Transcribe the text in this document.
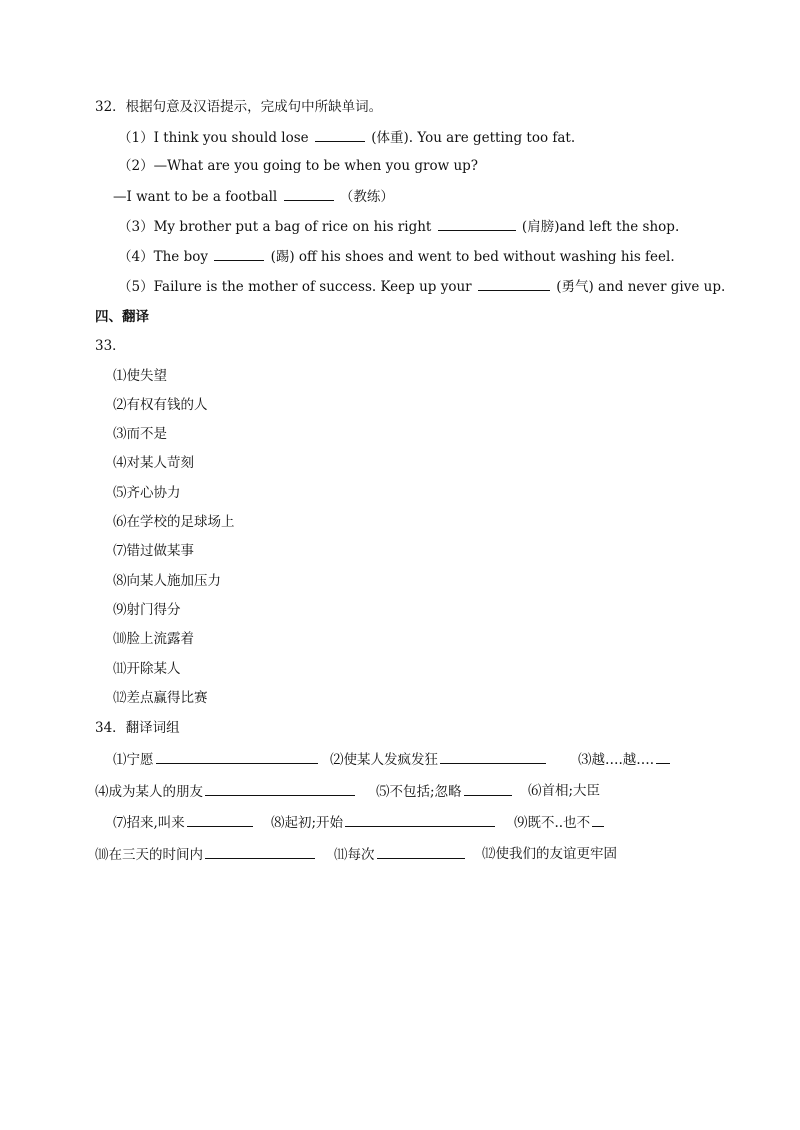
32．根据句意及汉语提示，完成句中所缺单词。
（1）I think you should lose	(体重). You are getting too fat.
（2）—What are you going to be when you grow up?
—I want to be a football	（教练）
（3）My brother put a bag of rice on his right	(肩膀)and left the shop.
（4）The boy	(踢) off his shoes and went to bed without washing his feel.
（5）Failure is the mother of success. Keep up your	(勇气) and never give up.
四、翻译
33．
⑴使失望
⑵有权有钱的人
⑶而不是
⑷对某人苛刻
⑸齐心协力
⑹在学校的足球场上
⑺错过做某事
⑻向某人施加压力
⑼射门得分
⑽脸上流露着
⑾开除某人
⑿差点赢得比赛
34．翻译词组
⑴宁愿	⑵使某人发疯发狂	⑶越….越….
⑷成为某人的朋友	⑸不包括;忽略	⑹首相;大臣
⑺招来,叫来	⑻起初;开始	⑼既不..也不
⑽在三天的时间内	⑾每次	⑿使我们的友谊更牢固
